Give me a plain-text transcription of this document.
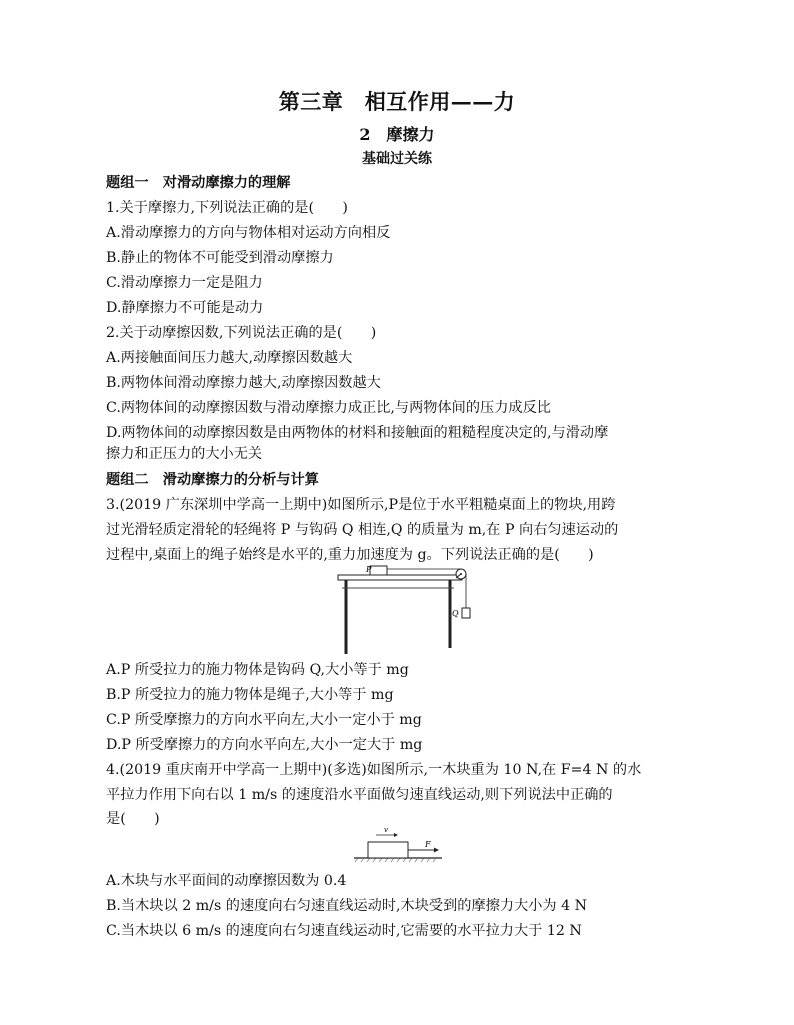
第三章　相互作用——力
2　摩擦力
基础过关练
题组一　对滑动摩擦力的理解
1.关于摩擦力,下列说法正确的是(　　)
A.滑动摩擦力的方向与物体相对运动方向相反
B.静止的物体不可能受到滑动摩擦力
C.滑动摩擦力一定是阻力
D.静摩擦力不可能是动力
2.关于动摩擦因数,下列说法正确的是(　　)
A.两接触面间压力越大,动摩擦因数越大
B.两物体间滑动摩擦力越大,动摩擦因数越大
C.两物体间的动摩擦因数与滑动摩擦力成正比,与两物体间的压力成反比
D.两物体间的动摩擦因数是由两物体的材料和接触面的粗糙程度决定的,与滑动摩
擦力和正压力的大小无关
题组二　滑动摩擦力的分析与计算
3.(2019 广东深圳中学高一上期中)如图所示,P是位于水平粗糙桌面上的物块,用跨
过光滑轻质定滑轮的轻绳将 P 与钩码 Q 相连,Q 的质量为 m,在 P 向右匀速运动的
过程中,桌面上的绳子始终是水平的,重力加速度为 g。下列说法正确的是(　　)
P
Q
A.P 所受拉力的施力物体是钩码 Q,大小等于 mg
B.P 所受拉力的施力物体是绳子,大小等于 mg
C.P 所受摩擦力的方向水平向左,大小一定小于 mg
D.P 所受摩擦力的方向水平向左,大小一定大于 mg
4.(2019 重庆南开中学高一上期中)(多选)如图所示,一木块重为 10 N,在 F=4 N 的水
平拉力作用下向右以 1 m/s 的速度沿水平面做匀速直线运动,则下列说法中正确的
是(　　)
v
F
A.木块与水平面间的动摩擦因数为 0.4
B.当木块以 2 m/s 的速度向右匀速直线运动时,木块受到的摩擦力大小为 4 N
C.当木块以 6 m/s 的速度向右匀速直线运动时,它需要的水平拉力大于 12 N
